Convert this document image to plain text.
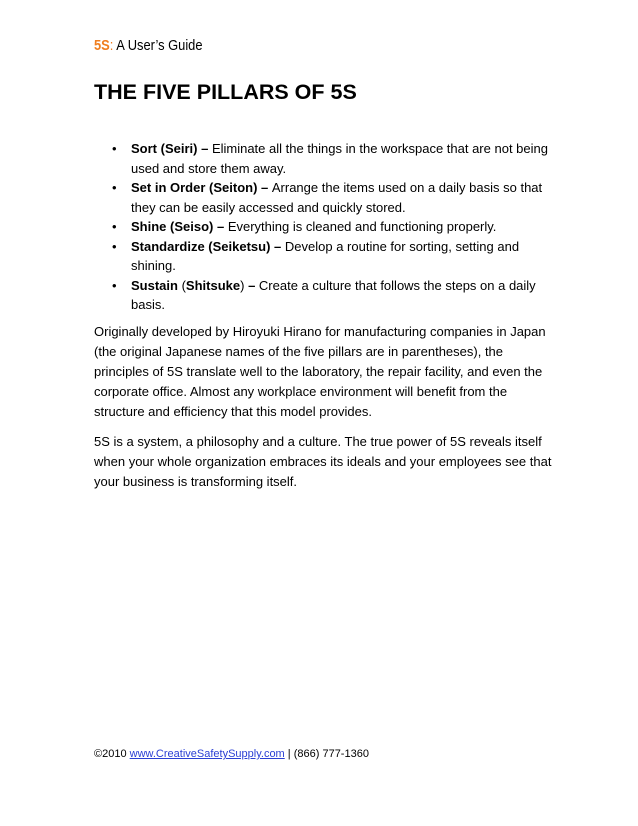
5S: A User’s Guide
THE FIVE PILLARS OF 5S
• Sort (Seiri) – Eliminate all the things in the workspace that are not being used and store them away.
• Set in Order (Seiton) – Arrange the items used on a daily basis so that they can be easily accessed and quickly stored.
• Shine (Seiso) – Everything is cleaned and functioning properly.
• Standardize (Seiketsu) – Develop a routine for sorting, setting and shining.
• Sustain (Shitsuke) – Create a culture that follows the steps on a daily basis.

Originally developed by Hiroyuki Hirano for manufacturing companies in Japan (the original Japanese names of the five pillars are in parentheses), the principles of 5S translate well to the laboratory, the repair facility, and even the corporate office. Almost any workplace environment will benefit from the structure and efficiency that this model provides.

5S is a system, a philosophy and a culture. The true power of 5S reveals itself when your whole organization embraces its ideals and your employees see that your business is transforming itself.

©2010 www.CreativeSafetySupply.com | (866) 777-1360
